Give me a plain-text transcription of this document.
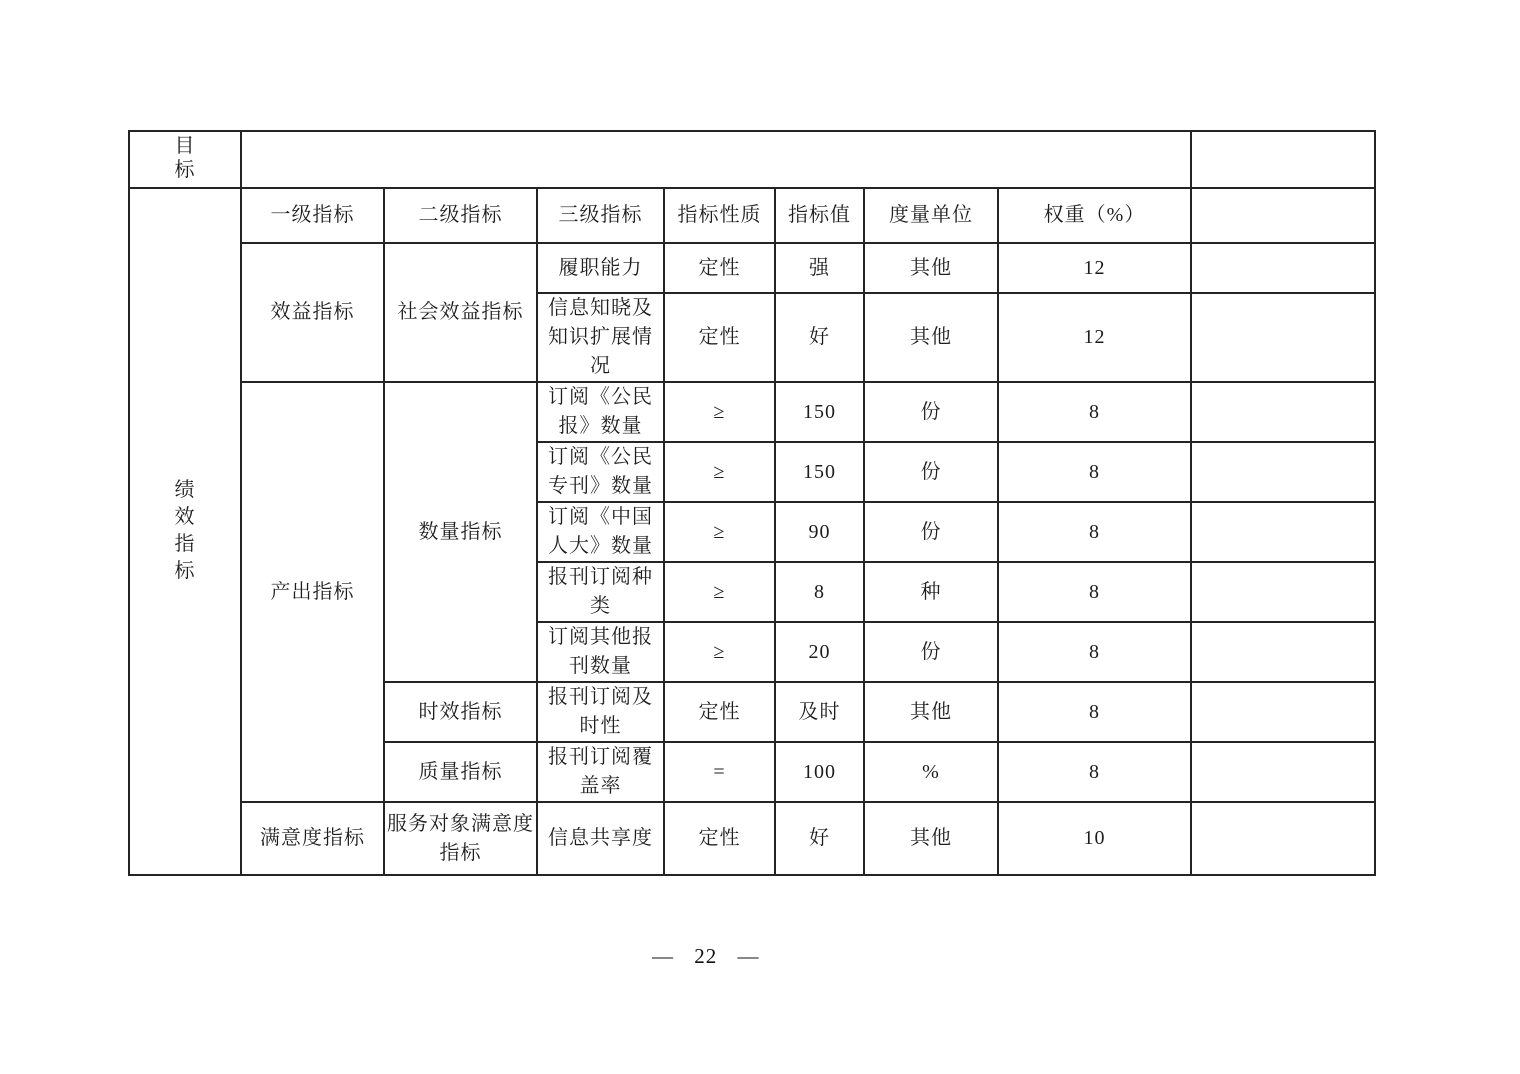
目标								
绩效指标	一级指标	二级指标	三级指标	指标性质	指标值	度量单位	权重（%）	
	效益指标	社会效益指标	履职能力	定性	强	其他	12	
			信息知晓及知识扩展情况	定性	好	其他	12	
	产出指标	数量指标	订阅《公民报》数量	≥	150	份	8	
			订阅《公民专刊》数量	≥	150	份	8	
			订阅《中国人大》数量	≥	90	份	8	
			报刊订阅种类	≥	8	种	8	
			订阅其他报刊数量	≥	20	份	8	
		时效指标	报刊订阅及时性	定性	及时	其他	8	
		质量指标	报刊订阅覆盖率	=	100	%	8	
	满意度指标	服务对象满意度指标	信息共享度	定性	好	其他	10	
— 22 —
